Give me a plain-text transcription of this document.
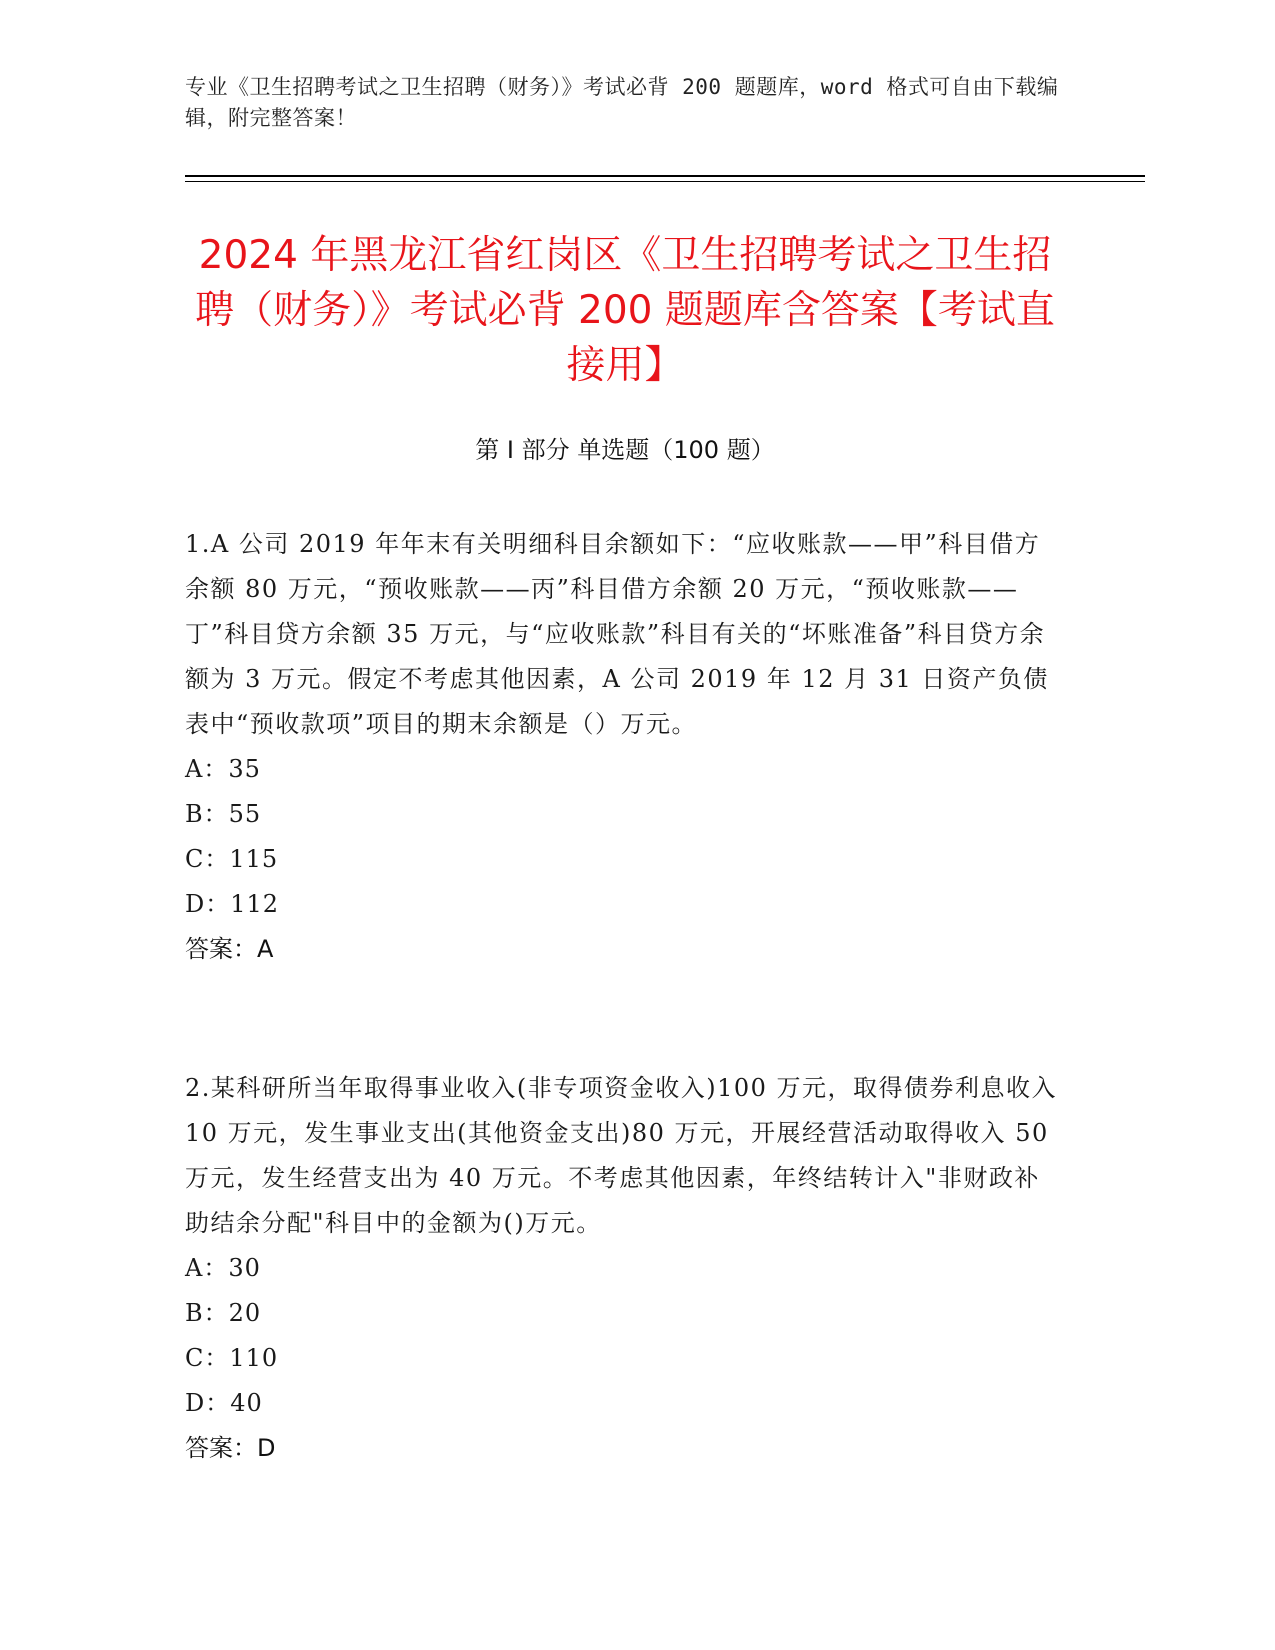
专业《卫生招聘考试之卫生招聘（财务）》考试必背 200 题题库，word 格式可自由下载编辑，附完整答案！
2024 年黑龙江省红岗区《卫生招聘考试之卫生招聘（财务）》考试必背 200 题题库含答案【考试直接用】
第 I 部分 单选题（100 题）

1.A 公司 2019 年年末有关明细科目余额如下：“应收账款——甲”科目借方余额 80 万元，“预收账款——丙”科目借方余额 20 万元，“预收账款——丁”科目贷方余额 35 万元，与“应收账款”科目有关的“坏账准备”科目贷方余额为 3 万元。假定不考虑其他因素，A 公司 2019 年 12 月 31 日资产负债表中“预收款项”项目的期末余额是（）万元。

A：35
B：55
C：115
D：112
答案：A

2.某科研所当年取得事业收入(非专项资金收入)100 万元，取得债券利息收入 10 万元，发生事业支出(其他资金支出)80 万元，开展经营活动取得收入 50 万元，发生经营支出为 40 万元。不考虑其他因素，年终结转计入"非财政补助结余分配"科目中的金额为()万元。

A：30
B：20
C：110
D：40
答案：D
